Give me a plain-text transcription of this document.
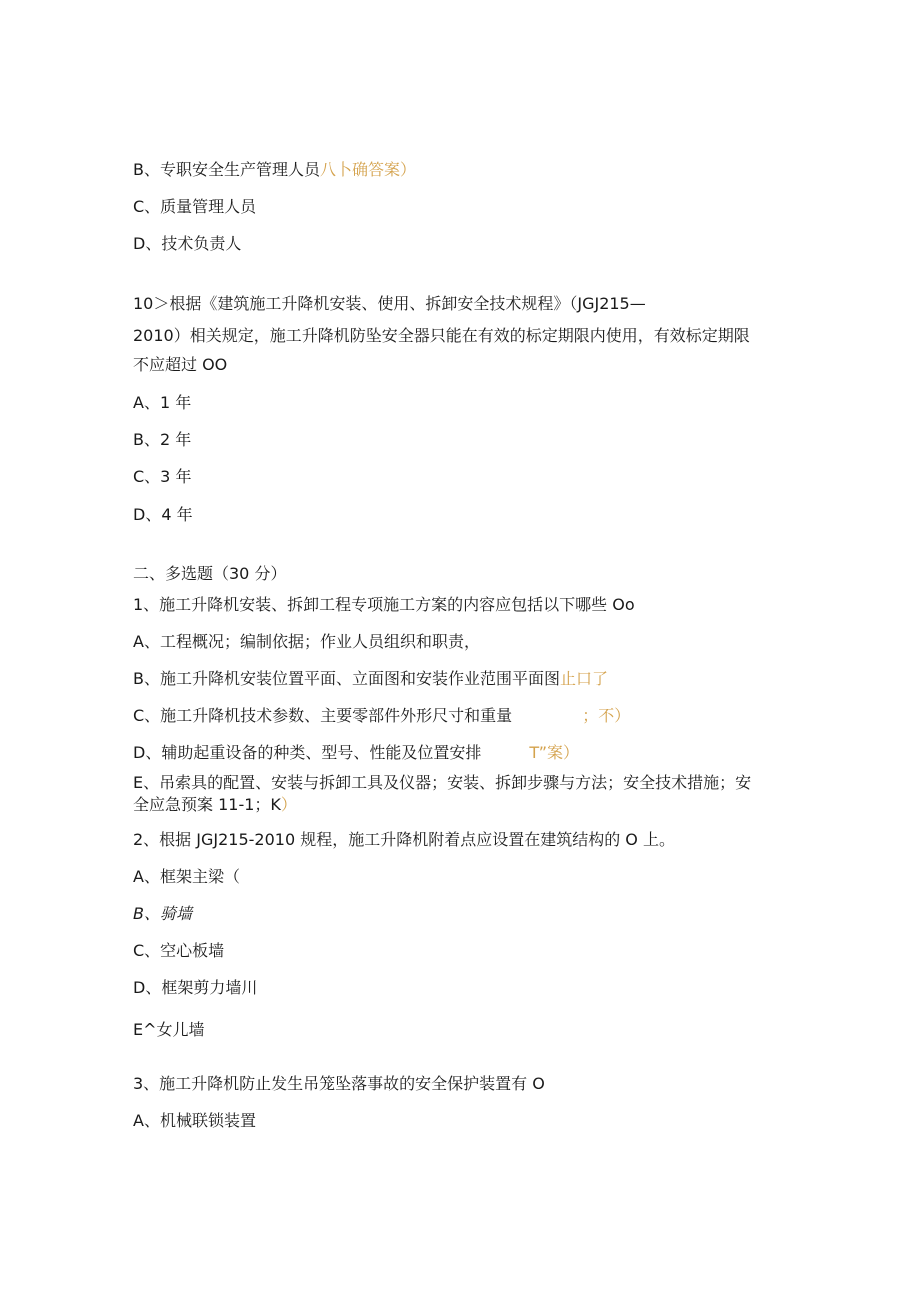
B、专职安全生产管理人员八卜确答案）
C、质量管理人员
D、技术负责人
10＞根据《建筑施工升降机安装、使用、拆卸安全技术规程》（JGJ215—
2010）相关规定，施工升降机防坠安全器只能在有效的标定期限内使用，有效标定期限
不应超过 OO
A、1 年
B、2 年
C、3 年
D、4 年
二、多选题（30 分）
1、施工升降机安装、拆卸工程专项施工方案的内容应包括以下哪些 Oo
A、工程概况；编制依据；作业人员组织和职责，
B、施工升降机安装位置平面、立面图和安装作业范围平面图止口了
C、施工升降机技术参数、主要零部件外形尺寸和重量	；不）
D、辅助起重设备的种类、型号、性能及位置安排	T”案）
E、吊索具的配置、安装与拆卸工具及仪器；安装、拆卸步骤与方法；安全技术措施；安
全应急预案 11-1；K）
2、根据 JGJ215-2010 规程，施工升降机附着点应设置在建筑结构的 O 上。
A、框架主梁（
B、骑墙
C、空心板墙
D、框架剪力墙川
E^女儿墙
3、施工升降机防止发生吊笼坠落事故的安全保护装置有 O
A、机械联锁装置
